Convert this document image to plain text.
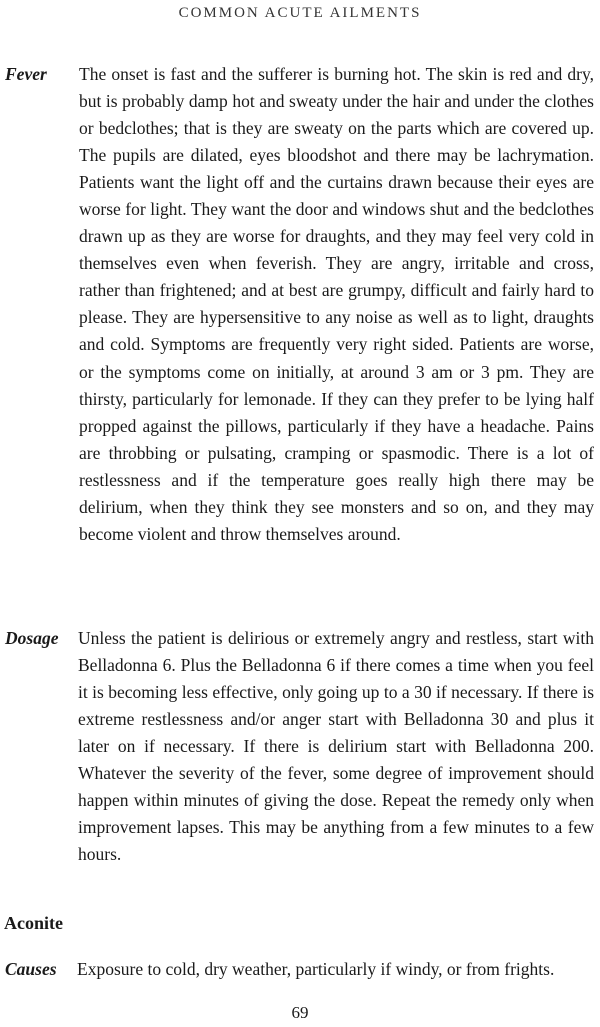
COMMON ACUTE AILMENTS
Fever The onset is fast and the sufferer is burning hot. The skin is red and dry, but is probably damp hot and sweaty under the hair and under the clothes or bedclothes; that is they are sweaty on the parts which are covered up. The pupils are dilated, eyes bloodshot and there may be lachrymation. Patients want the light off and the curtains drawn because their eyes are worse for light. They want the door and windows shut and the bedclothes drawn up as they are worse for draughts, and they may feel very cold in themselves even when feverish. They are angry, irritable and cross, rather than frightened; and at best are grumpy, difficult and fairly hard to please. They are hypersensitive to any noise as well as to light, draughts and cold. Symptoms are frequently very right sided. Patients are worse, or the symptoms come on initially, at around 3 am or 3 pm. They are thirsty, particularly for lemonade. If they can they prefer to be lying half propped against the pillows, particularly if they have a headache. Pains are throbbing or pulsating, cramping or spasmodic. There is a lot of restlessness and if the temperature goes really high there may be delirium, when they think they see monsters and so on, and they may become violent and throw themselves around.
Dosage Unless the patient is delirious or extremely angry and restless, start with Belladonna 6. Plus the Belladonna 6 if there comes a time when you feel it is becoming less effective, only going up to a 30 if necessary. If there is extreme restlessness and/or anger start with Belladonna 30 and plus it later on if necessary. If there is delirium start with Belladonna 200. Whatever the severity of the fever, some degree of improvement should happen within minutes of giving the dose. Repeat the remedy only when improvement lapses. This may be anything from a few minutes to a few hours.
Aconite
Causes Exposure to cold, dry weather, particularly if windy, or from frights.
69
